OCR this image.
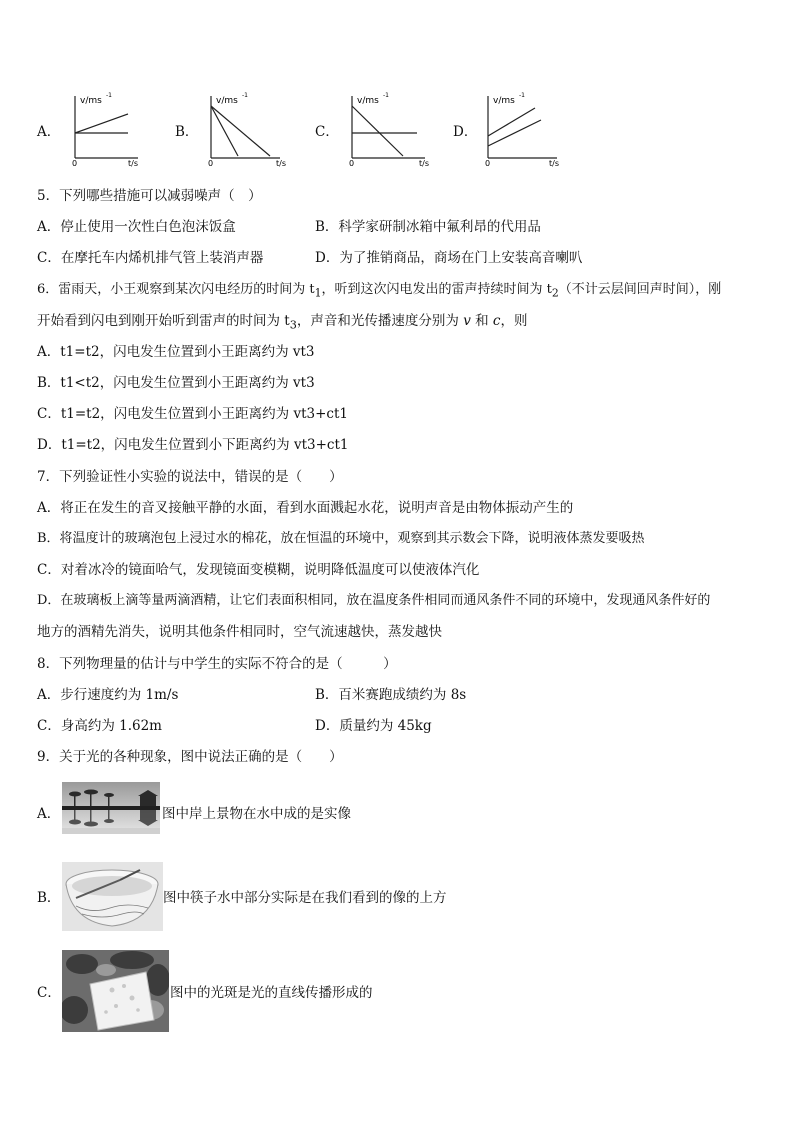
A．
v/ms
-1
0	t/s
B．
v/ms
-1
0	t/s
C．
v/ms
-1
0	t/s
D．
v/ms
-1
0	t/s
5．下列哪些措施可以减弱噪声（　）
A．停止使用一次性白色泡沫饭盒	B．科学家研制冰箱中氟利昂的代用品
C．在摩托车内烯机排气管上装消声器	D．为了推销商品，商场在门上安装高音喇叭
6．雷雨天，小王观察到某次闪电经历的时间为 $t_1$，听到这次闪电发出的雷声持续时间为 $t_2$（不计云层间回声时间），刚
开始看到闪电到刚开始听到雷声的时间为 $t_3$，声音和光传播速度分别为 v 和 c，则
A．t1=t2，闪电发生位置到小王距离约为 vt3
B．t1<t2，闪电发生位置到小王距离约为 vt3
C．t1=t2，闪电发生位置到小王距离约为 vt3+ct1
D．t1=t2，闪电发生位置到小下距离约为 vt3+ct1
7．下列验证性小实验的说法中，错误的是（　　）
A．将正在发生的音叉接触平静的水面，看到水面溅起水花，说明声音是由物体振动产生的
B．将温度计的玻璃泡包上浸过水的棉花，放在恒温的环境中，观察到其示数会下降，说明液体蒸发要吸热
C．对着冰冷的镜面哈气，发现镜面变模糊，说明降低温度可以使液体汽化
D．在玻璃板上滴等量两滴酒精，让它们表面积相同，放在温度条件相同而通风条件不同的环境中，发现通风条件好的
地方的酒精先消失，说明其他条件相同时，空气流速越快，蒸发越快
8．下列物理量的估计与中学生的实际不符合的是（　　　）
A．步行速度约为 1m/s	B．百米赛跑成绩约为 8s
C．身高约为 1.62m	D．质量约为 45kg
9．关于光的各种现象，图中说法正确的是（　　）
A．	图中岸上景物在水中成的是实像
B．	图中筷子水中部分实际是在我们看到的像的上方
C．	图中的光斑是光的直线传播形成的
